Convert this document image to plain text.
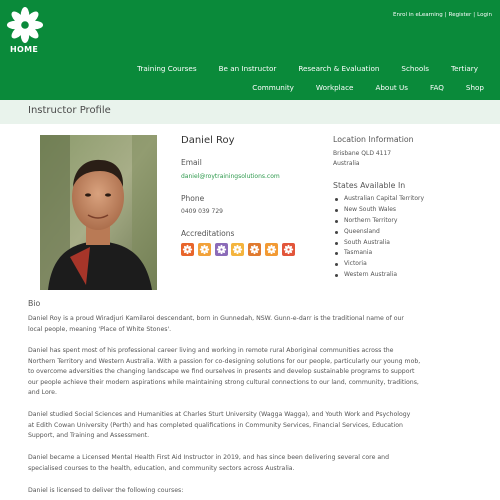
HOME
Enrol in eLearning | Register | Login
Training Courses	Be an Instructor	Research & Evaluation	Schools	Tertiary
Community	Workplace	About Us	FAQ	Shop
Instructor Profile
Daniel Roy
Email
daniel@roytrainingsolutions.com
Phone
0409 039 729
Accreditations
Location Information
Brisbane QLD 4117
Australia
States Available In
Australian Capital Territory
New South Wales
Northern Territory
Queensland
South Australia
Tasmania
Victoria
Western Australia
Bio
Daniel Roy is a proud Wiradjuri Kamilaroi descendant, born in Gunnedah, NSW. Gunn-e-darr is the traditional name of our
local people, meaning 'Place of White Stones'.
Daniel has spent most of his professional career living and working in remote rural Aboriginal communities across the
Northern Territory and Western Australia. With a passion for co-designing solutions for our people, particularly our young mob,
to overcome adversities the changing landscape we find ourselves in presents and develop sustainable programs to support
our people achieve their modern aspirations while maintaining strong cultural connections to our land, community, traditions,
and Lore.
Daniel studied Social Sciences and Humanities at Charles Sturt University (Wagga Wagga), and Youth Work and Psychology
at Edith Cowan University (Perth) and has completed qualifications in Community Services, Financial Services, Education
Support, and Training and Assessment.
Daniel became a Licensed Mental Health First Aid Instructor in 2019, and has since been delivering several core and
specialised courses to the health, education, and community sectors across Australia.
Daniel is licensed to deliver the following courses:
